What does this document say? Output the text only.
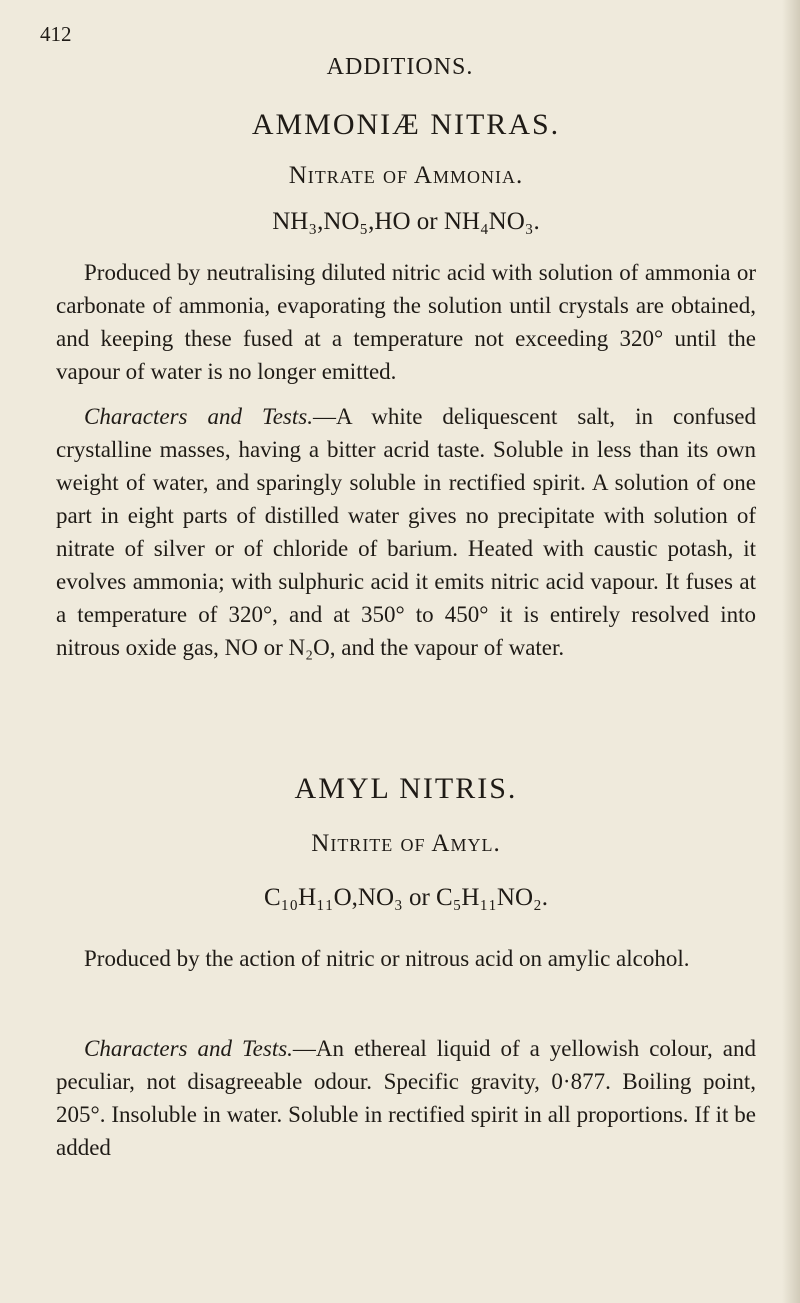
412
ADDITIONS.
AMMONIÆ NITRAS.
Nitrate of Ammonia.
NH₃,NO₅,HO or NH₄NO₃.

Produced by neutralising diluted nitric acid with solution of ammonia or carbonate of ammonia, evaporating the solution until crystals are obtained, and keeping these fused at a temperature not exceeding 320° until the vapour of water is no longer emitted.

Characters and Tests.—A white deliquescent salt, in confused crystalline masses, having a bitter acrid taste. Soluble in less than its own weight of water, and sparingly soluble in rectified spirit. A solution of one part in eight parts of distilled water gives no precipitate with solution of nitrate of silver or of chloride of barium. Heated with caustic potash, it evolves ammonia; with sulphuric acid it emits nitric acid vapour. It fuses at a temperature of 320°, and at 350° to 450° it is entirely resolved into nitrous oxide gas, NO or N₂O, and the vapour of water.

AMYL NITRIS.
Nitrite of Amyl.
C₁₀H₁₁O,NO₃ or C₅H₁₁NO₂.

Produced by the action of nitric or nitrous acid on amylic alcohol.

Characters and Tests.—An ethereal liquid of a yellowish colour, and peculiar, not disagreeable odour. Specific gravity, 0·877. Boiling point, 205°. Insoluble in water. Soluble in rectified spirit in all proportions. If it be added
